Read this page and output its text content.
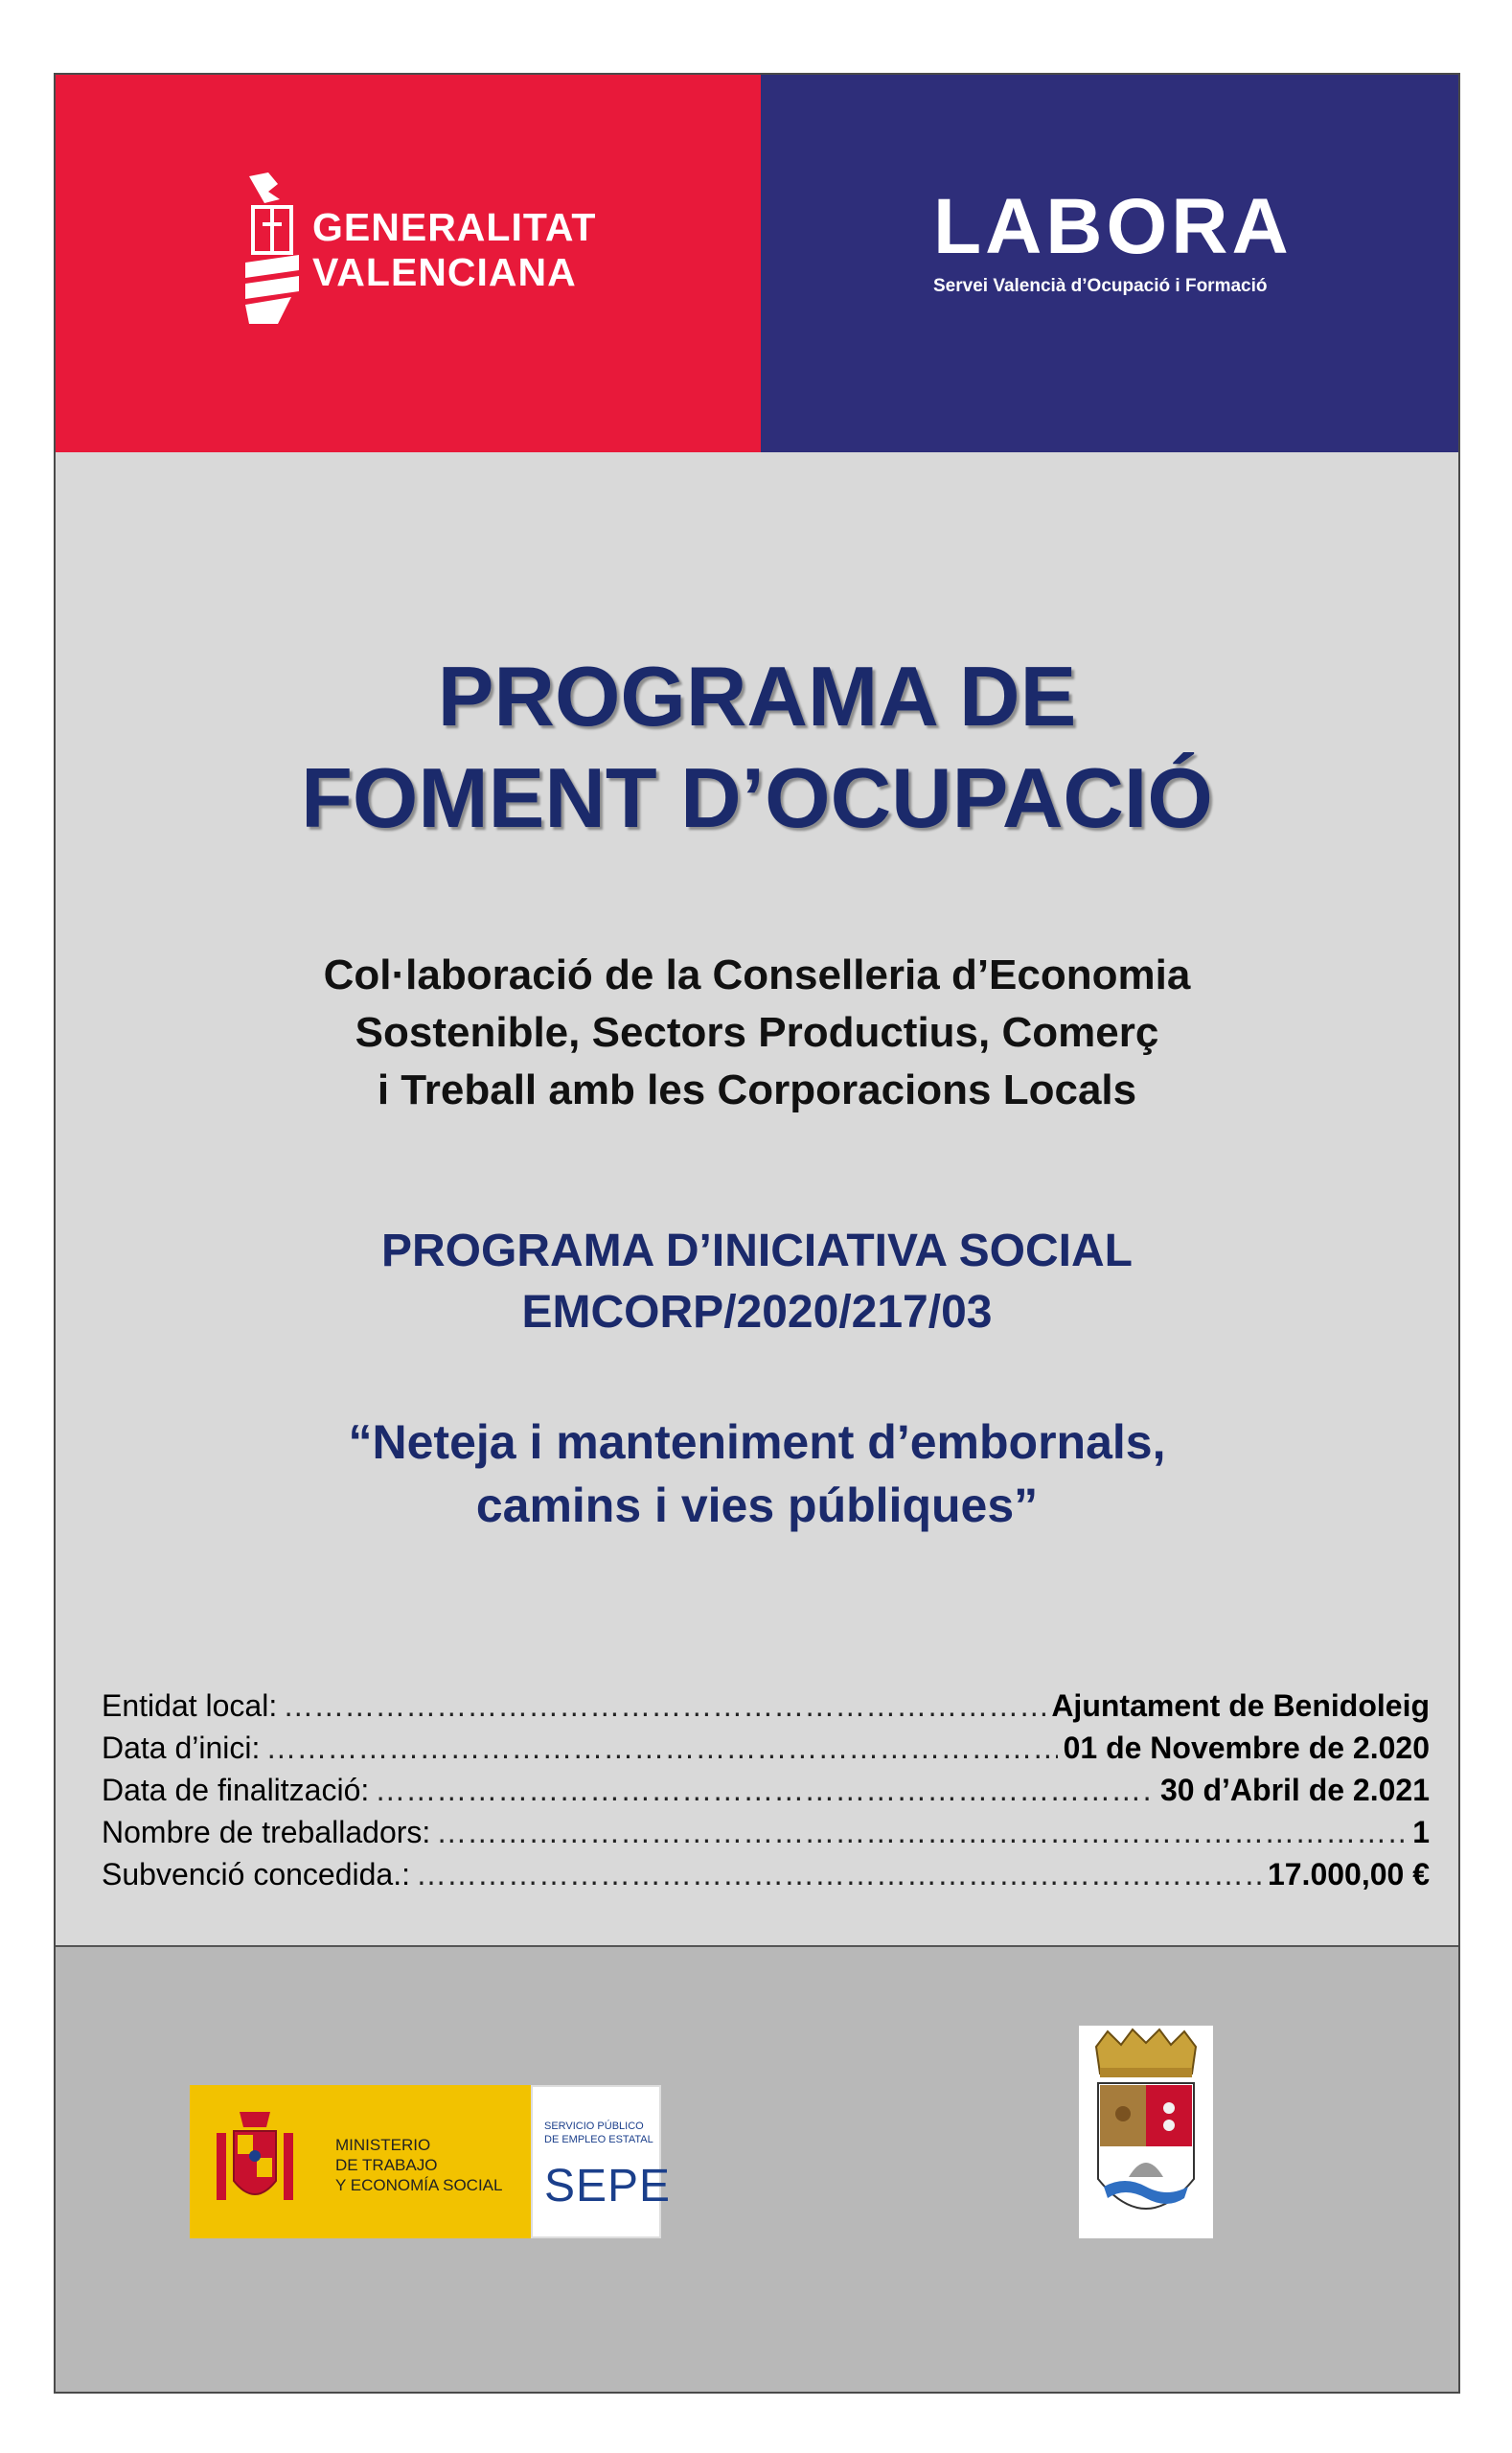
GENERALITAT
VALENCIANA
LABORA
Servei Valencià d’Ocupació i Formació
PROGRAMA DE
FOMENT D’OCUPACIÓ
Col·laboració de la Conselleria d’Economia
Sostenible, Sectors Productius, Comerç
i Treball amb les Corporacions Locals
PROGRAMA D’INICIATIVA SOCIAL
EMCORP/2020/217/03
“Neteja i manteniment d’embornals,
camins i vies públiques”
Entidat local: ……………………………………………………………………………………………………………………………………	Ajuntament de Benidoleig
Data d’inici: ……………………………………………………………………………………………………………………………………	01 de Novembre de 2.020
Data de finalització: ……………………………………………………………………………………………………………………………………	30 d’Abril de 2.021
Nombre de treballadors: ……………………………………………………………………………………………………………………………………	1
Subvenció concedida.: ……………………………………………………………………………………………………………………………………	17.000,00 €
MINISTERIO
DE TRABAJO
Y ECONOMÍA SOCIAL
SERVICIO PÚBLICO
DE EMPLEO ESTATAL
SEPE
